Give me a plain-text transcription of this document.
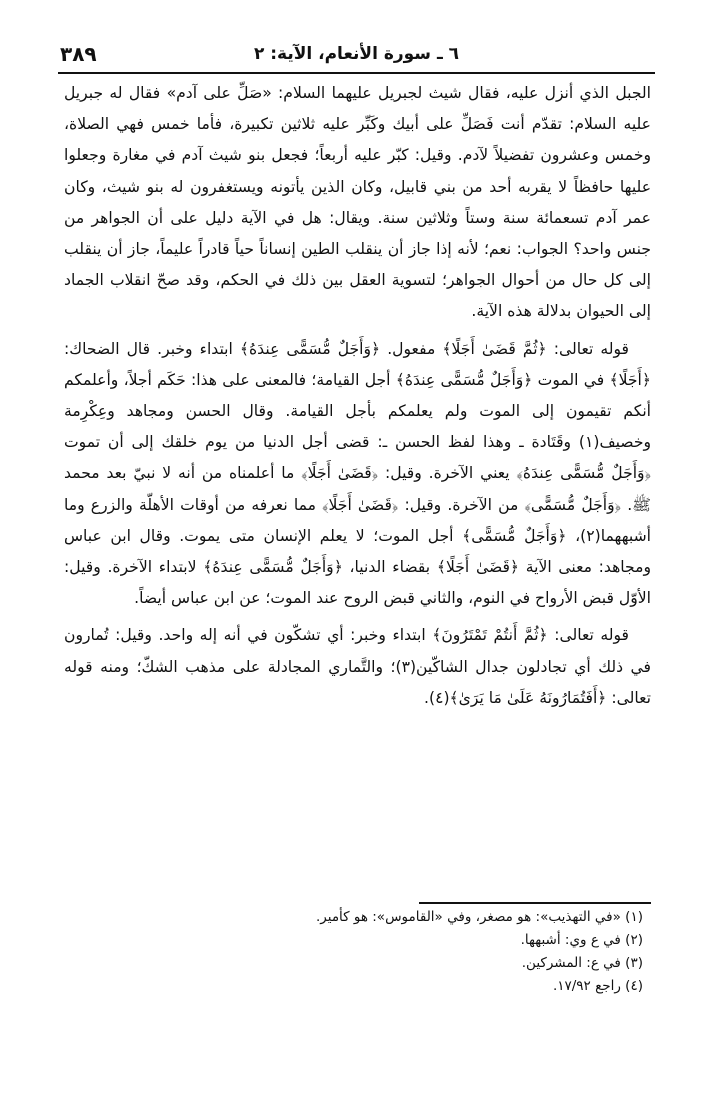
٣٨٩	٦ ـ سورة الأنعام، الآية: ٢

الجبل الذي أنزل عليه، فقال شيث لجبريل عليهما السلام: «صَلِّ على آدم» فقال له جبريل عليه السلام: تقدّم أنت فَصَلِّ على أبيك وكَبِّر عليه ثلاثين تكبيرة، فأما خمس فهي الصلاة، وخمس وعشرون تفضيلاً لآدم. وقيل: كبّر عليه أربعاً؛ فجعل بنو شيث آدم في مغارة وجعلوا عليها حافظاً لا يقربه أحد من بني قابيل، وكان الذين يأتونه ويستغفرون له بنو شيث، وكان عمر آدم تسعمائة سنة وستاً وثلاثين سنة. ويقال: هل في الآية دليل على أن الجواهر من جنس واحد؟ الجواب: نعم؛ لأنه إذا جاز أن ينقلب الطين إنساناً حياً قادراً عليماً، جاز أن ينقلب إلى كل حال من أحوال الجواهر؛ لتسوية العقل بين ذلك في الحكم، وقد صحّ انقلاب الجماد إلى الحيوان بدلالة هذه الآية.

قوله تعالى: ﴿ثُمَّ قَضَىٰ أَجَلًا﴾ مفعول. ﴿وَأَجَلٌ مُّسَمًّى عِندَهُ﴾ ابتداء وخبر. قال الضحاك: ﴿أَجَلًا﴾ في الموت ﴿وَأَجَلٌ مُّسَمًّى عِندَهُ﴾ أجل القيامة؛ فالمعنى على هذا: حَكَم أجلاً، وأعلمكم أنكم تقيمون إلى الموت ولم يعلمكم بأجل القيامة. وقال الحسن ومجاهد وعِكْرِمة وخصيف(١) وقَتَادة ـ وهذا لفظ الحسن ـ: قضى أجل الدنيا من يوم خلقك إلى أن تموت ﴿وَأَجَلٌ مُّسَمًّى عِندَهُ﴾ يعني الآخرة. وقيل: ﴿قَضَىٰ أَجَلًا﴾ ما أعلمناه من أنه لا نبيّ بعد محمد ﷺ. ﴿وَأَجَلٌ مُّسَمًّى﴾ من الآخرة. وقيل: ﴿قَضَىٰ أَجَلًا﴾ مما نعرفه من أوقات الأهلّة والزرع وما أشبههما(٢)، ﴿وَأَجَلٌ مُّسَمًّى﴾ أجل الموت؛ لا يعلم الإنسان متى يموت. وقال ابن عباس ومجاهد: معنى الآية ﴿قَضَىٰ أَجَلًا﴾ بقضاء الدنيا، ﴿وَأَجَلٌ مُّسَمًّى عِندَهُ﴾ لابتداء الآخرة. وقيل: الأوّل قبض الأرواح في النوم، والثاني قبض الروح عند الموت؛ عن ابن عباس أيضاً.

قوله تعالى: ﴿ثُمَّ أَنتُمْ تَمْتَرُونَ﴾ ابتداء وخبر: أي تشكّون في أنه إله واحد. وقيل: تُمارون في ذلك أي تجادلون جدال الشاكّين(٣)؛ والتَّماري المجادلة على مذهب الشكّ؛ ومنه قوله تعالى: ﴿أَفَتُمَارُونَهُ عَلَىٰ مَا يَرَىٰ﴾(٤).

(١) «في التهذيب»: هو مصغر، وفي «القاموس»: هو كأمير.

(٢) في ع وي: أشبهها.

(٣) في ع: المشركين.

(٤) راجع ١٧/٩٢.
